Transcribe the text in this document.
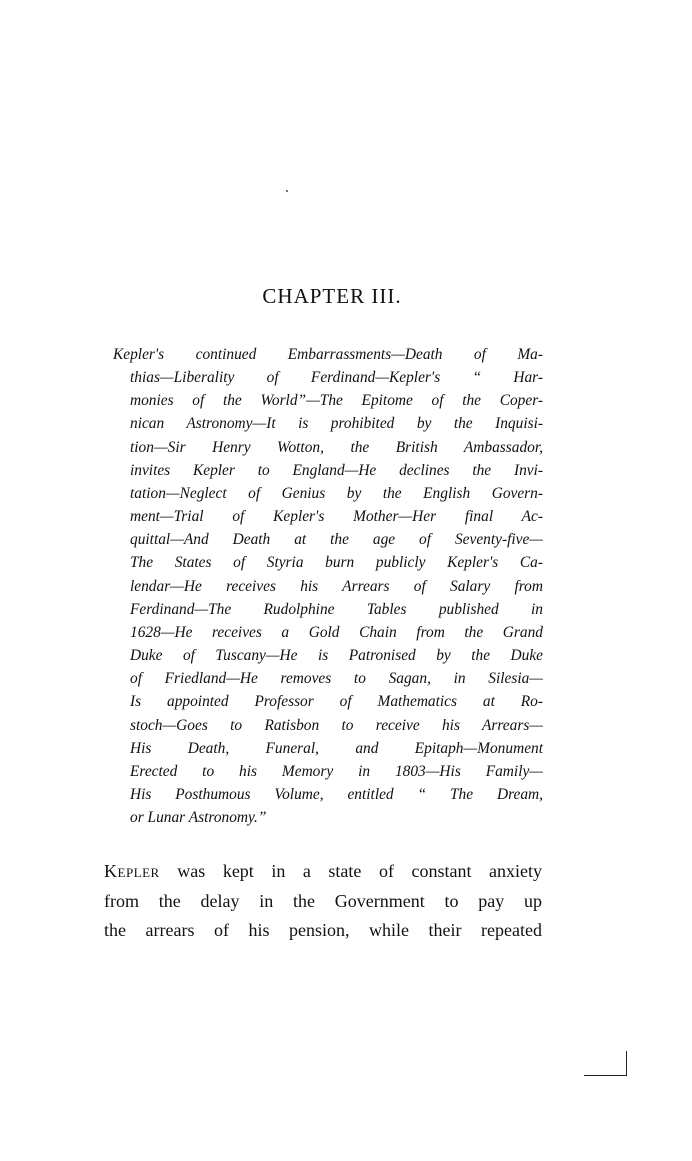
CHAPTER III.
Kepler's continued Embarrassments—Death of Ma-
thias—Liberality of Ferdinand—Kepler's “ Har-
monies of the World”—The Epitome of the Coper-
nican Astronomy—It is prohibited by the Inquisi-
tion—Sir Henry Wotton, the British Ambassador,
invites Kepler to England—He declines the Invi-
tation—Neglect of Genius by the English Govern-
ment—Trial of Kepler's Mother—Her final Ac-
quittal—And Death at the age of Seventy-five—
The States of Styria burn publicly Kepler's Ca-
lendar—He receives his Arrears of Salary from
Ferdinand—The Rudolphine Tables published in
1628—He receives a Gold Chain from the Grand
Duke of Tuscany—He is Patronised by the Duke
of Friedland—He removes to Sagan, in Silesia—
Is appointed Professor of Mathematics at Ro-
stoch—Goes to Ratisbon to receive his Arrears—
His Death, Funeral, and Epitaph—Monument
Erected to his Memory in 1803—His Family—
His Posthumous Volume, entitled “ The Dream,
or Lunar Astronomy.”
Kepler was kept in a state of constant anxiety
from the delay in the Government to pay up
the arrears of his pension, while their repeated
